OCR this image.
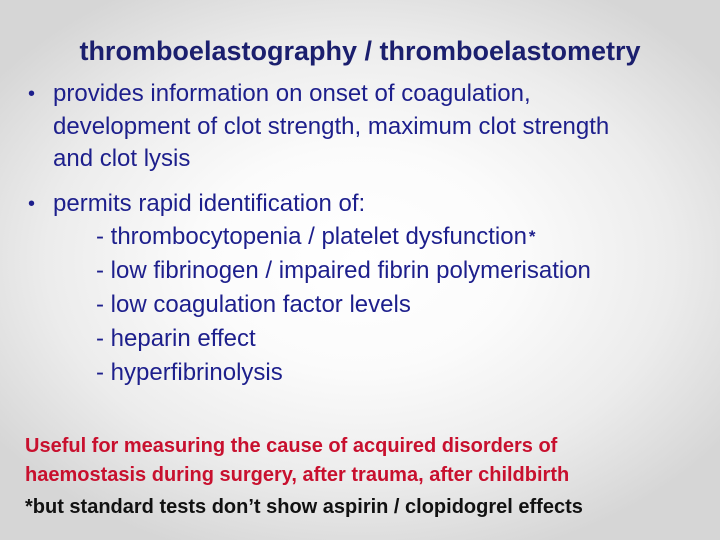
thromboelastography / thromboelastometry
• provides information on onset of coagulation,
development of clot strength, maximum clot strength
and clot lysis
• permits rapid identification of:
- thrombocytopenia / platelet dysfunction *
- low fibrinogen / impaired fibrin polymerisation
- low coagulation factor levels
- heparin effect
- hyperfibrinolysis
Useful for measuring the cause of acquired disorders of
haemostasis during surgery, after trauma, after childbirth
*but standard tests don’t show aspirin / clopidogrel effects
